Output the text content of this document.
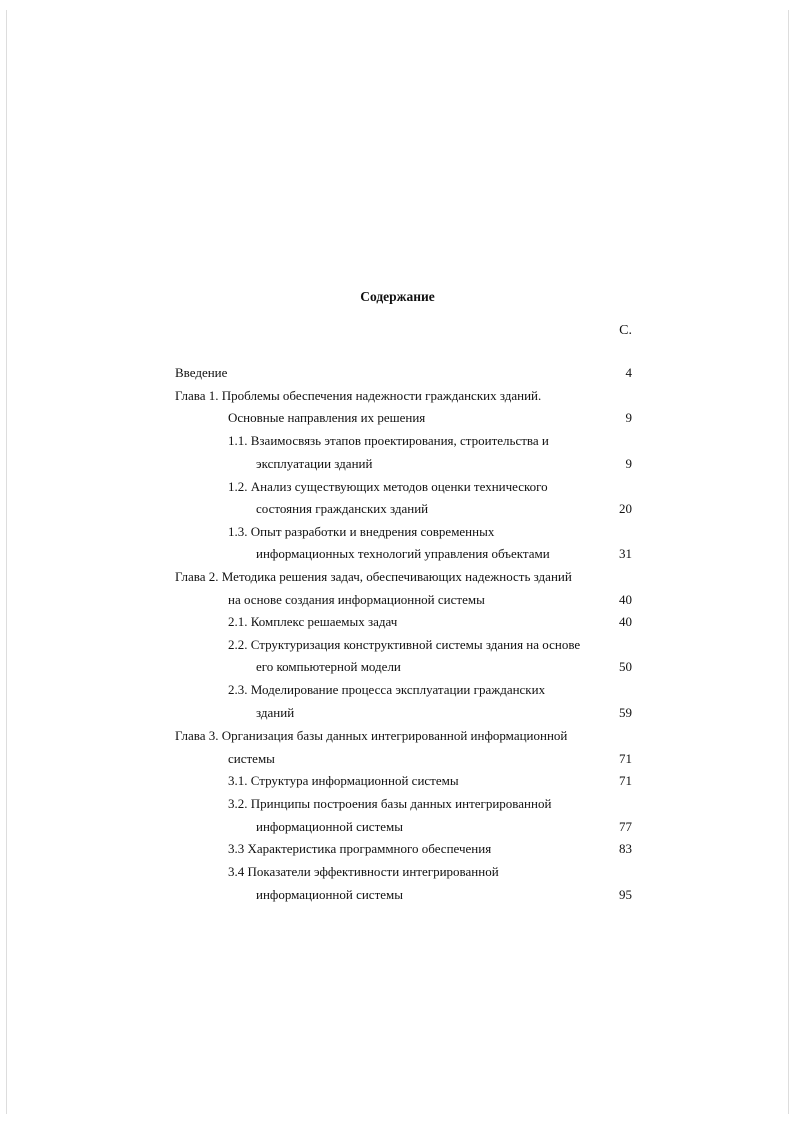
Содержание
С.
Введение	4
Глава 1. Проблемы обеспечения надежности гражданских зданий.
Основные направления их решения	9
1.1. Взаимосвязь этапов проектирования, строительства и
эксплуатации зданий	9
1.2. Анализ существующих методов оценки технического
состояния гражданских зданий	20
1.3. Опыт разработки и внедрения современных
информационных технологий управления объектами	31
Глава 2. Методика решения задач, обеспечивающих надежность зданий
на основе создания информационной системы	40
2.1. Комплекс решаемых задач	40
2.2. Структуризация конструктивной системы здания на основе
его компьютерной модели	50
2.3. Моделирование процесса эксплуатации гражданских
зданий	59
Глава 3. Организация базы данных интегрированной информационной
системы	71
3.1. Структура информационной системы	71
3.2. Принципы построения базы данных интегрированной
информационной системы	77
3.3 Характеристика программного обеспечения	83
3.4 Показатели эффективности интегрированной
информационной системы	95
